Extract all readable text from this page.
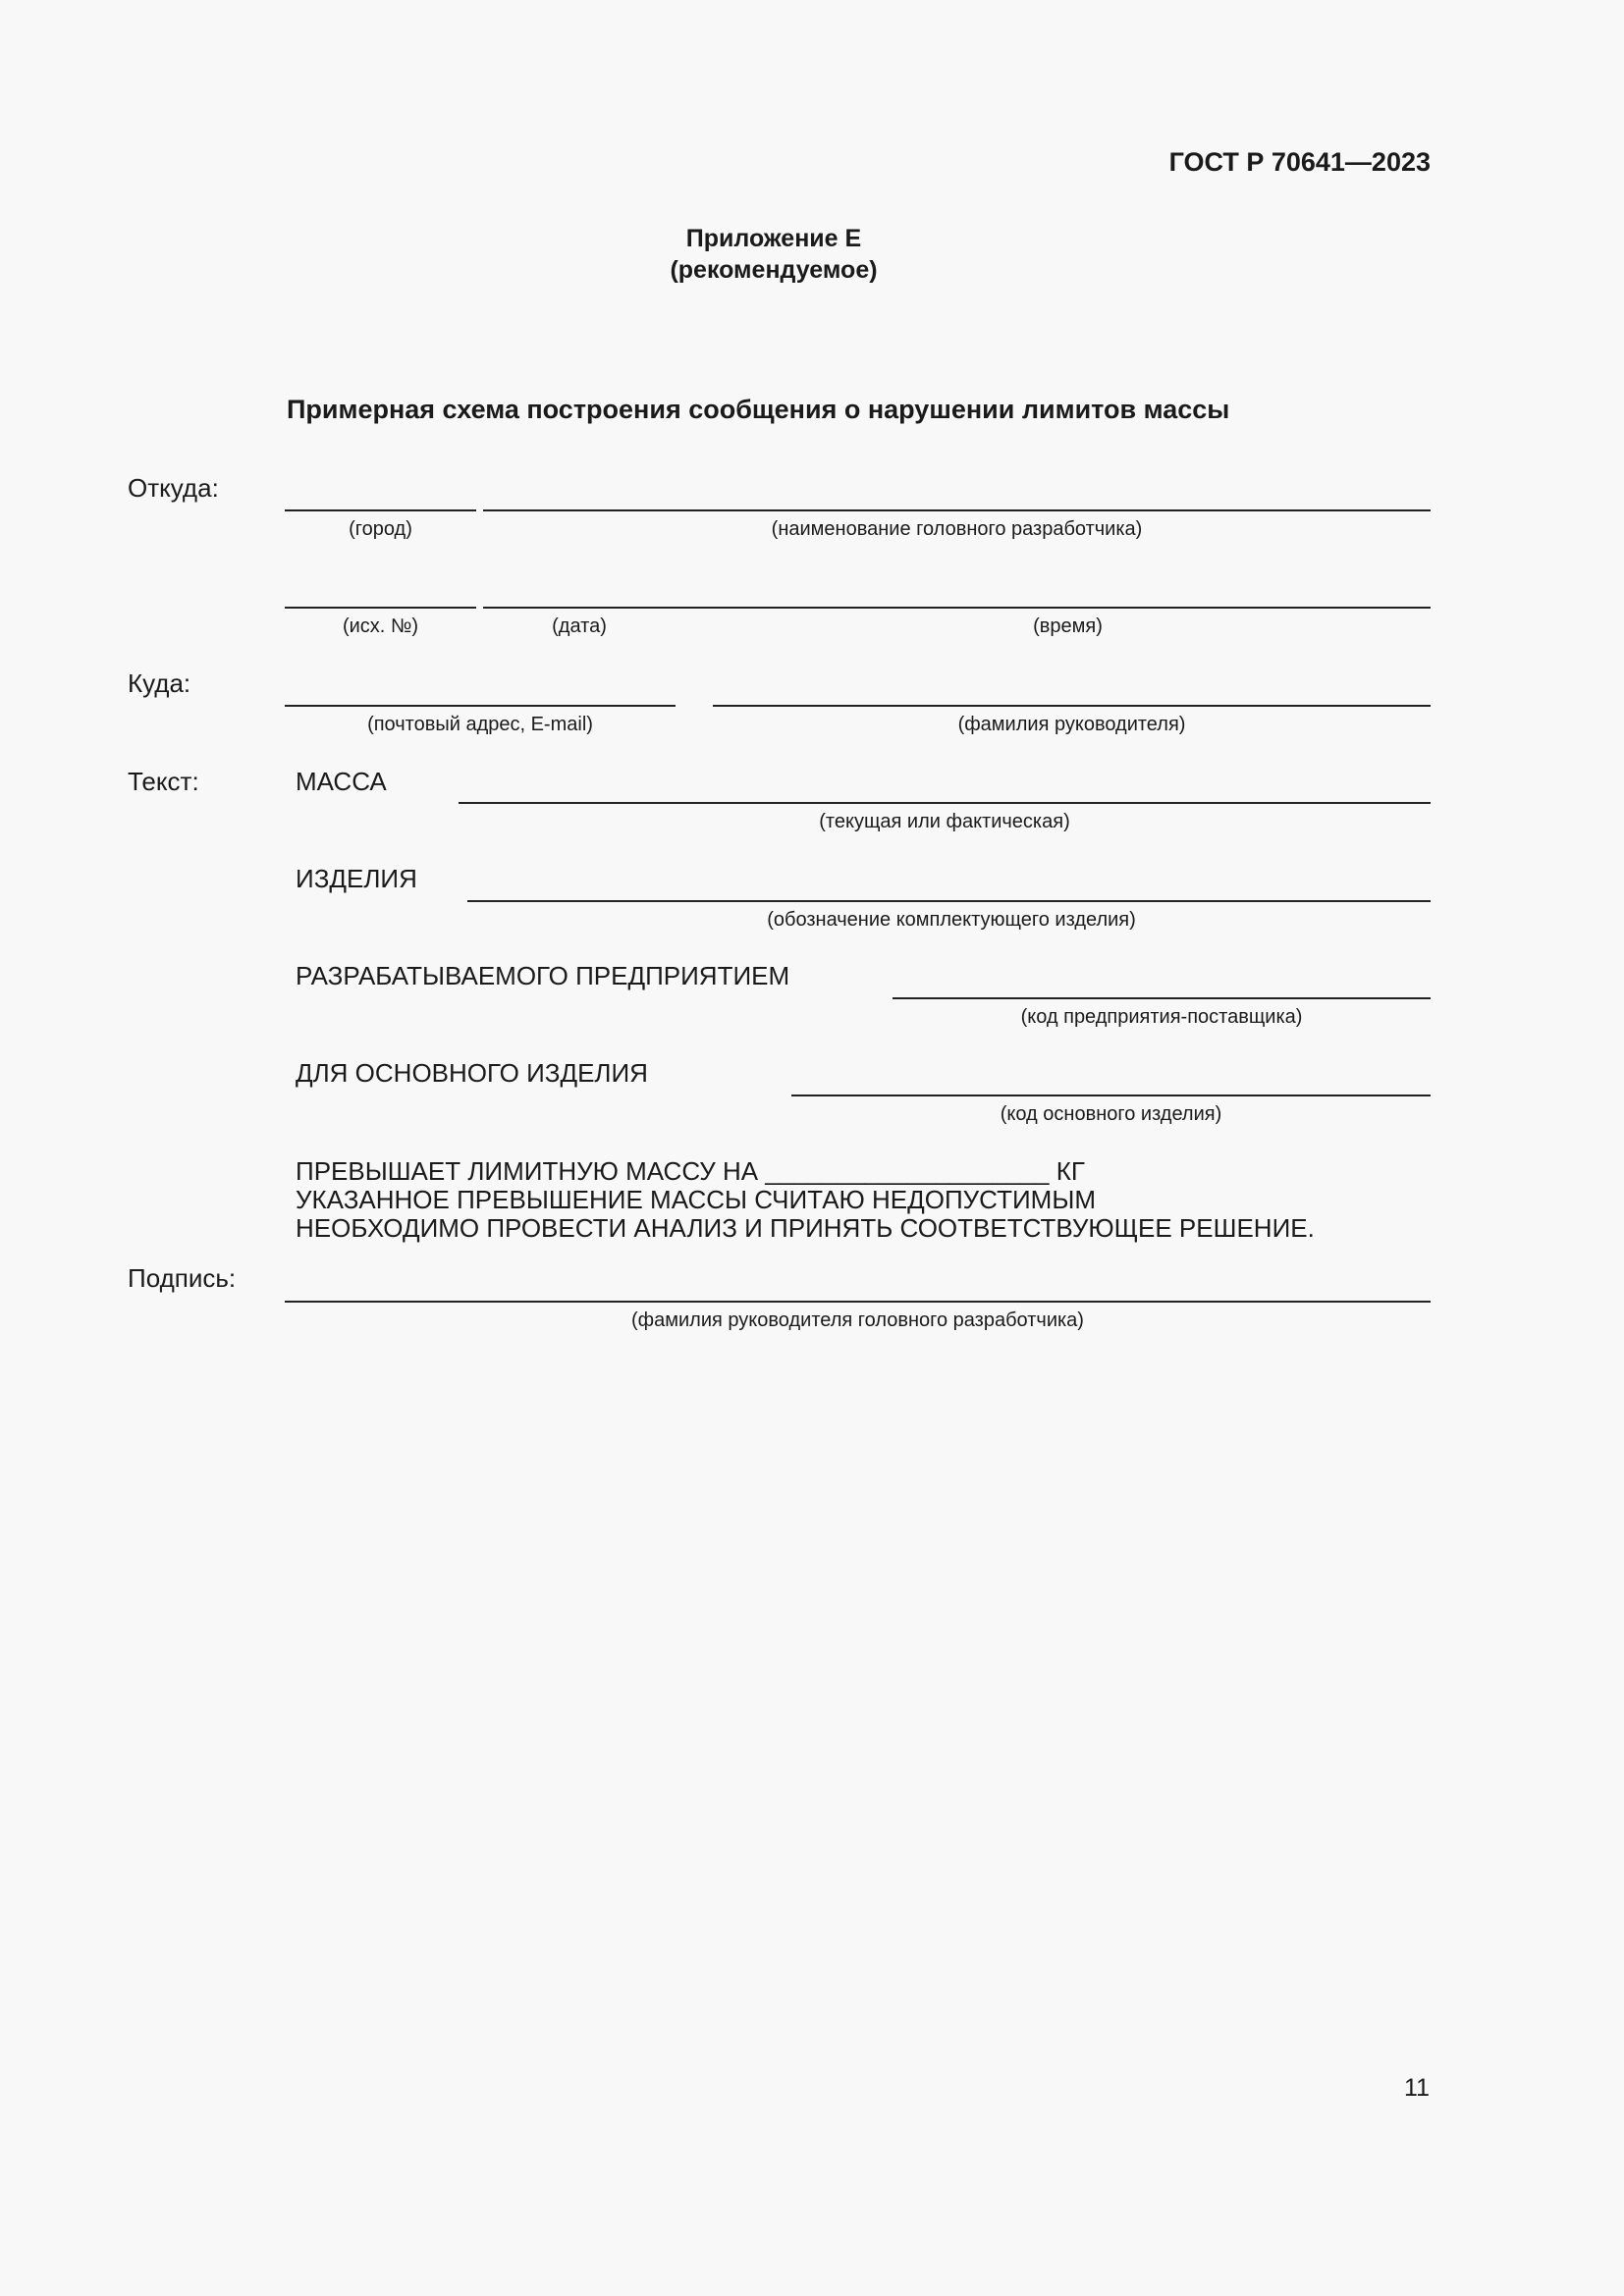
ГОСТ Р 70641—2023
Приложение Е
(рекомендуемое)
Примерная схема построения сообщения о нарушении лимитов массы
Откуда:
(город)	(наименование головного разработчика)
(исх. №)	(дата)	(время)
Куда:
(почтовый адрес, E-mail)	(фамилия руководителя)
Текст:	МАССА
(текущая или фактическая)
ИЗДЕЛИЯ
(обозначение комплектующего изделия)
РАЗРАБАТЫВАЕМОГО ПРЕДПРИЯТИЕМ
(код предприятия-поставщика)
ДЛЯ ОСНОВНОГО ИЗДЕЛИЯ
(код основного изделия)
ПРЕВЫШАЕТ ЛИМИТНУЮ МАССУ НА ____________________ КГ
УКАЗАННОЕ ПРЕВЫШЕНИЕ МАССЫ СЧИТАЮ НЕДОПУСТИМЫМ
НЕОБХОДИМО ПРОВЕСТИ АНАЛИЗ И ПРИНЯТЬ СООТВЕТСТВУЮЩЕЕ РЕШЕНИЕ.
Подпись:
(фамилия руководителя головного разработчика)
11
